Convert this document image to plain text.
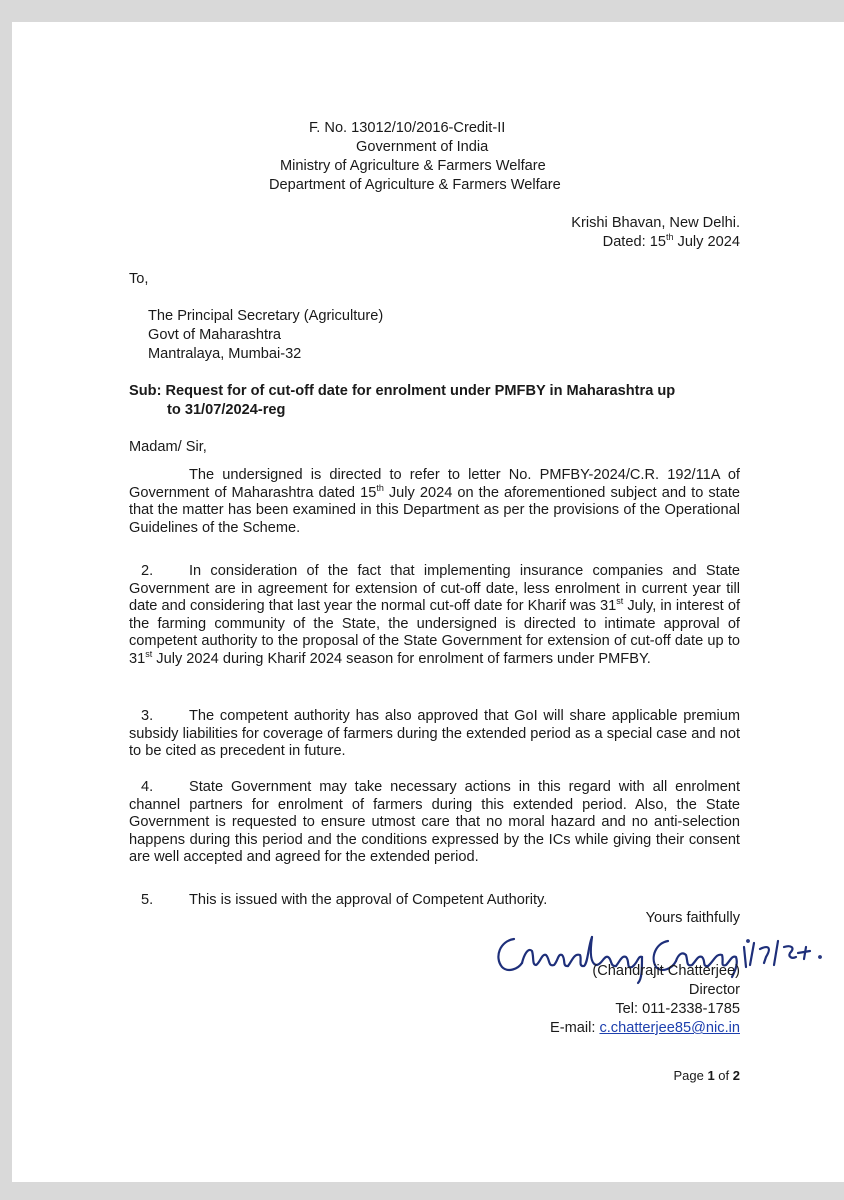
F. No. 13012/10/2016-Credit-II
Government of India
Ministry of Agriculture & Farmers Welfare
Department of Agriculture & Farmers Welfare
Krishi Bhavan, New Delhi.
Dated: 15th July 2024
To,
The Principal Secretary (Agriculture)
Govt of Maharashtra
Mantralaya, Mumbai-32
Sub: Request for of cut-off date for enrolment under PMFBY in Maharashtra up
to 31/07/2024-reg
Madam/ Sir,
The undersigned is directed to refer to letter No. PMFBY-2024/C.R. 192/11A of Government of Maharashtra dated 15th July 2024 on the aforementioned subject and to state that the matter has been examined in this Department as per the provisions of the Operational Guidelines of the Scheme.
2. In consideration of the fact that implementing insurance companies and State Government are in agreement for extension of cut-off date, less enrolment in current year till date and considering that last year the normal cut-off date for Kharif was 31st July, in interest of the farming community of the State, the undersigned is directed to intimate approval of competent authority to the proposal of the State Government for extension of cut-off date up to 31st July 2024 during Kharif 2024 season for enrolment of farmers under PMFBY.
3. The competent authority has also approved that GoI will share applicable premium subsidy liabilities for coverage of farmers during the extended period as a special case and not to be cited as precedent in future.
4. State Government may take necessary actions in this regard with all enrolment channel partners for enrolment of farmers during this extended period. Also, the State Government is requested to ensure utmost care that no moral hazard and no anti-selection happens during this period and the conditions expressed by the ICs while giving their consent are well accepted and agreed for the extended period.
5. This is issued with the approval of Competent Authority.
Yours faithfully
Chandrajit Chatterjee 15/7/24
(Chandrajit Chatterjee)
Director
Tel: 011-2338-1785
E-mail: c.chatterjee85@nic.in
Page 1 of 2
